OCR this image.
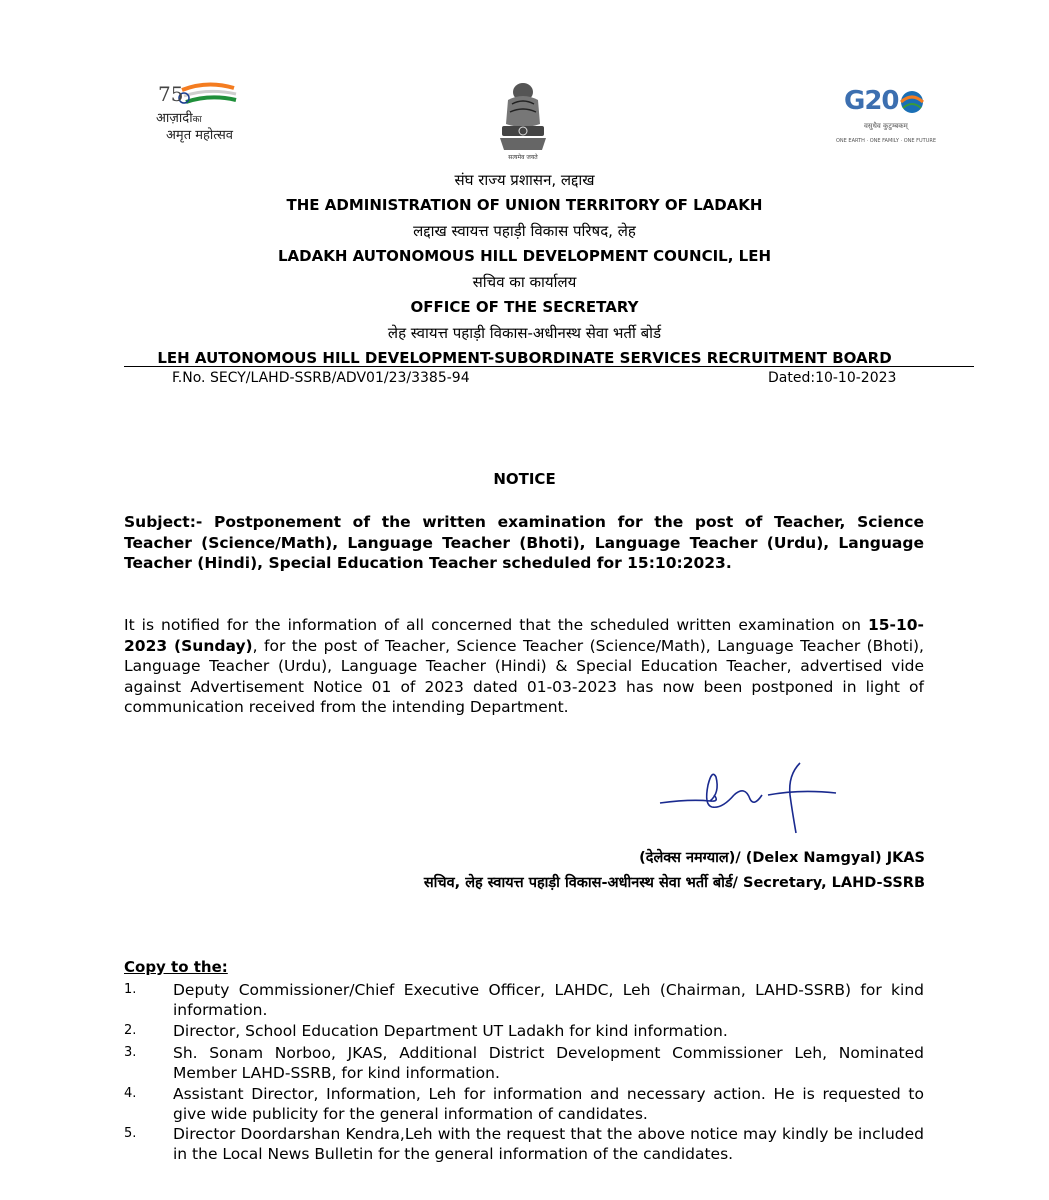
75
आज़ादीका
अमृत महोत्सव
सत्यमेव जयते
G20
वसुधैव कुटुम्बकम्
ONE EARTH · ONE FAMILY · ONE FUTURE
संघ राज्य प्रशासन, लद्दाख
THE ADMINISTRATION OF UNION TERRITORY OF LADAKH
लद्दाख स्वायत्त पहाड़ी विकास परिषद, लेह
LADAKH AUTONOMOUS HILL DEVELOPMENT COUNCIL, LEH
सचिव का कार्यालय
OFFICE OF THE SECRETARY
लेह स्वायत्त पहाड़ी विकास-अधीनस्थ सेवा भर्ती बोर्ड
LEH AUTONOMOUS HILL DEVELOPMENT-SUBORDINATE SERVICES RECRUITMENT BOARD
F.No. SECY/LAHD-SSRB/ADV01/23/3385-94	Dated:10-10-2023
NOTICE

Subject:- Postponement of the written examination for the post of Teacher, Science Teacher (Science/Math), Language Teacher (Bhoti), Language Teacher (Urdu), Language Teacher (Hindi), Special Education Teacher scheduled for 15:10:2023.

It is notified for the information of all concerned that the scheduled written examination on 15-10-2023 (Sunday), for the post of Teacher, Science Teacher (Science/Math), Language Teacher (Bhoti), Language Teacher (Urdu), Language Teacher (Hindi) & Special Education Teacher, advertised vide against Advertisement Notice 01 of 2023 dated 01-03-2023 has now been postponed in light of communication received from the intending Department.

(देलेक्स नमग्याल)/ (Delex Namgyal) JKAS
सचिव, लेह स्वायत्त पहाड़ी विकास-अधीनस्थ सेवा भर्ती बोर्ड/ Secretary, LAHD-SSRB
Copy to the:
1. Deputy Commissioner/Chief Executive Officer, LAHDC, Leh (Chairman, LAHD-SSRB) for kind information.
2. Director, School Education Department UT Ladakh for kind information.
3. Sh. Sonam Norboo, JKAS, Additional District Development Commissioner Leh, Nominated Member LAHD-SSRB, for kind information.
4. Assistant Director, Information, Leh for information and necessary action. He is requested to give wide publicity for the general information of candidates.
5. Director Doordarshan Kendra,Leh with the request that the above notice may kindly be included in the Local News Bulletin for the general information of the candidates.
